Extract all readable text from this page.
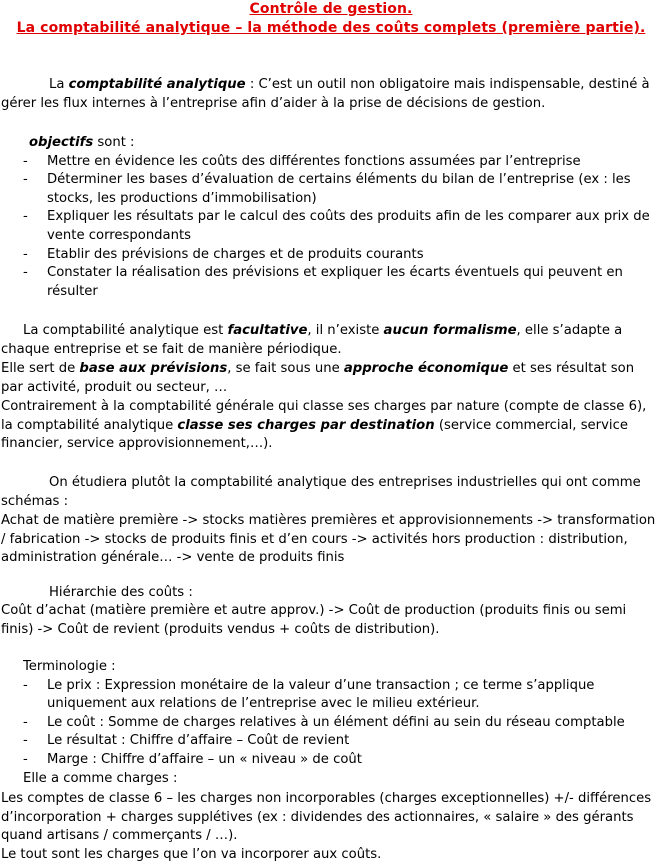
Contrôle de gestion.
La comptabilité analytique – la méthode des coûts complets (première partie).

La comptabilité analytique : C’est un outil non obligatoire mais indispensable, destiné à gérer les flux internes à l’entreprise afin d’aider à la prise de décisions de gestion.

objectifs sont :

- Mettre en évidence les coûts des différentes fonctions assumées par l’entreprise
- Déterminer les bases d’évaluation de certains éléments du bilan de l’entreprise (ex : les stocks, les productions d’immobilisation)
- Expliquer les résultats par le calcul des coûts des produits afin de les comparer aux prix de vente correspondants
- Etablir des prévisions de charges et de produits courants
- Constater la réalisation des prévisions et expliquer les écarts éventuels qui peuvent en résulter

La comptabilité analytique est facultative, il n’existe aucun formalisme, elle s’adapte a chaque entreprise et se fait de manière périodique.

Elle sert de base aux prévisions, se fait sous une approche économique et ses résultat son par activité, produit ou secteur, …

Contrairement à la comptabilité générale qui classe ses charges par nature (compte de classe 6), la comptabilité analytique classe ses charges par destination (service commercial, service financier, service approvisionnement,…).

On étudiera plutôt la comptabilité analytique des entreprises industrielles qui ont comme schémas :

Achat de matière première -> stocks matières premières et approvisionnements -> transformation / fabrication -> stocks de produits finis et d’en cours -> activités hors production : distribution, administration générale… -> vente de produits finis

Hiérarchie des coûts :

Coût d’achat (matière première et autre approv.) -> Coût de production (produits finis ou semi finis) -> Coût de revient (produits vendus + coûts de distribution).

Terminologie :

- Le prix : Expression monétaire de la valeur d’une transaction ; ce terme s’applique uniquement aux relations de l’entreprise avec le milieu extérieur.
- Le coût : Somme de charges relatives à un élément défini au sein du réseau comptable
- Le résultat : Chiffre d’affaire – Coût de revient
- Marge : Chiffre d’affaire – un « niveau » de coût

Elle a comme charges :

Les comptes de classe 6 – les charges non incorporables (charges exceptionnelles) +/- différences d’incorporation + charges supplétives (ex : dividendes des actionnaires, « salaire » des gérants quand artisans / commerçants / …).

Le tout sont les charges que l’on va incorporer aux coûts.
